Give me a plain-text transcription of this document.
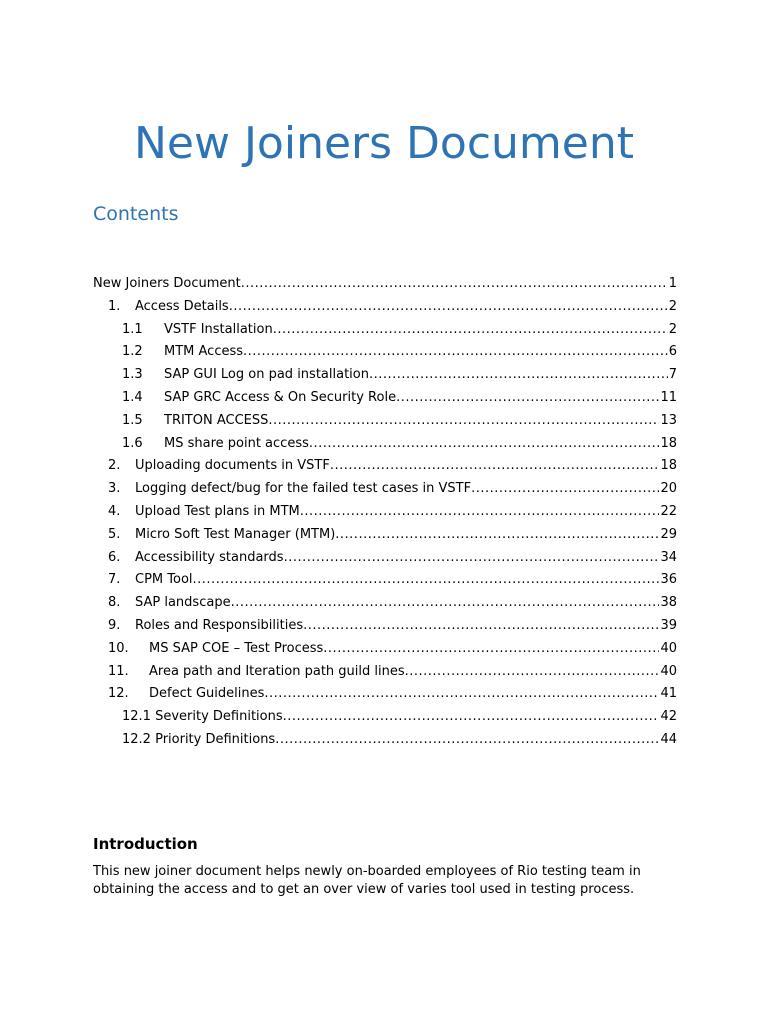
New Joiners Document
Contents
New Joiners Document .....	1
1.	Access Details .....	2
1.1	VSTF Installation .....	2
1.2	MTM Access .....	6
1.3	SAP GUI Log on pad installation .....	7
1.4	SAP GRC Access & On Security Role .....	11
1.5	TRITON ACCESS .....	13
1.6	MS share point access .....	18
2.	Uploading documents in VSTF .....	18
3.	Logging defect/bug for the failed test cases in VSTF .....	20
4.	Upload Test plans in MTM .....	22
5.	Micro Soft Test Manager (MTM) .....	29
6.	Accessibility standards .....	34
7.	CPM Tool .....	36
8.	SAP landscape .....	38
9.	Roles and Responsibilities .....	39
10.	MS SAP COE – Test Process .....	40
11.	Area path and Iteration path guild lines .....	40
12.	Defect Guidelines .....	41
12.1 Severity Definitions .....	42
12.2 Priority Definitions .....	44
Introduction

This new joiner document helps newly on-boarded employees of Rio testing team in obtaining the access and to get an over view of varies tool used in testing process.
